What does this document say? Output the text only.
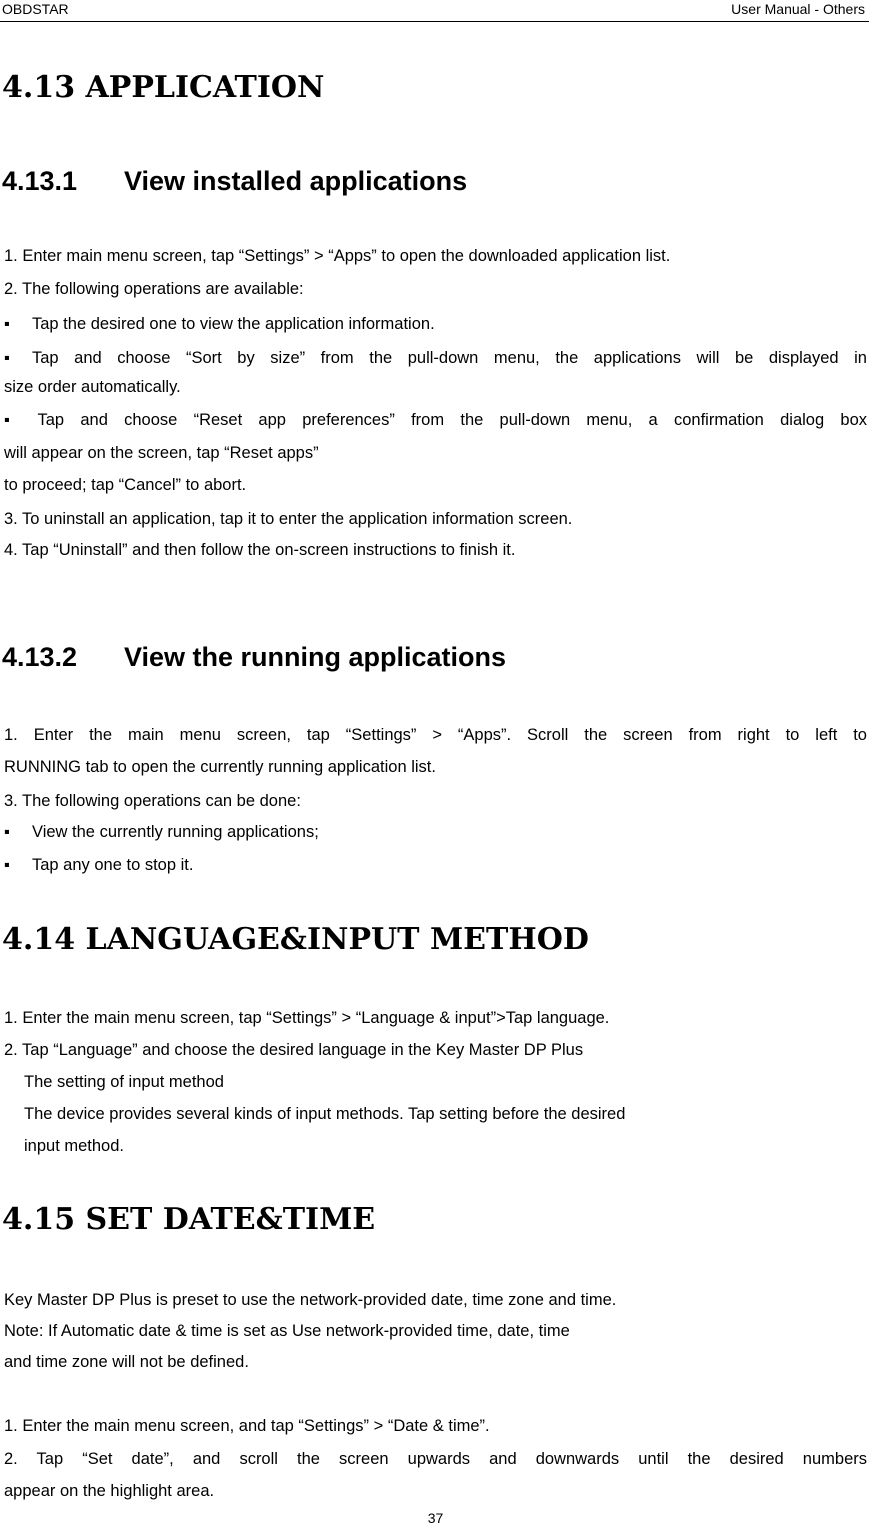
OBDSTAR	User Manual - Others
4.13 APPLICATION
4.13.1 View installed applications
1. Enter main menu screen, tap “Settings” > “Apps” to open the downloaded application list.
2. The following operations are available:
▪ Tap the desired one to view the application information.
▪ Tap and choose “Sort by size” from the pull-down menu, the applications will be displayed in
size order automatically.
▪ Tap and choose “Reset app preferences” from the pull-down menu, a confirmation dialog box
will appear on the screen, tap “Reset apps”
to proceed; tap “Cancel” to abort.
3. To uninstall an application, tap it to enter the application information screen.
4. Tap “Uninstall” and then follow the on-screen instructions to finish it.
4.13.2 View the running applications
1. Enter the main menu screen, tap “Settings” > “Apps”. Scroll the screen from right to left to
RUNNING tab to open the currently running application list.
3. The following operations can be done:
▪ View the currently running applications;
▪ Tap any one to stop it.
4.14 LANGUAGE&INPUT METHOD
1. Enter the main menu screen, tap “Settings” > “Language & input”>Tap language.
2. Tap “Language” and choose the desired language in the Key Master DP Plus
The setting of input method
The device provides several kinds of input methods. Tap setting before the desired
input method.
4.15 SET DATE&TIME
Key Master DP Plus is preset to use the network-provided date, time zone and time.
Note: If Automatic date & time is set as Use network-provided time, date, time
and time zone will not be defined.
1. Enter the main menu screen, and tap “Settings” > “Date & time”.
2. Tap “Set date”, and scroll the screen upwards and downwards until the desired numbers
appear on the highlight area.
37
